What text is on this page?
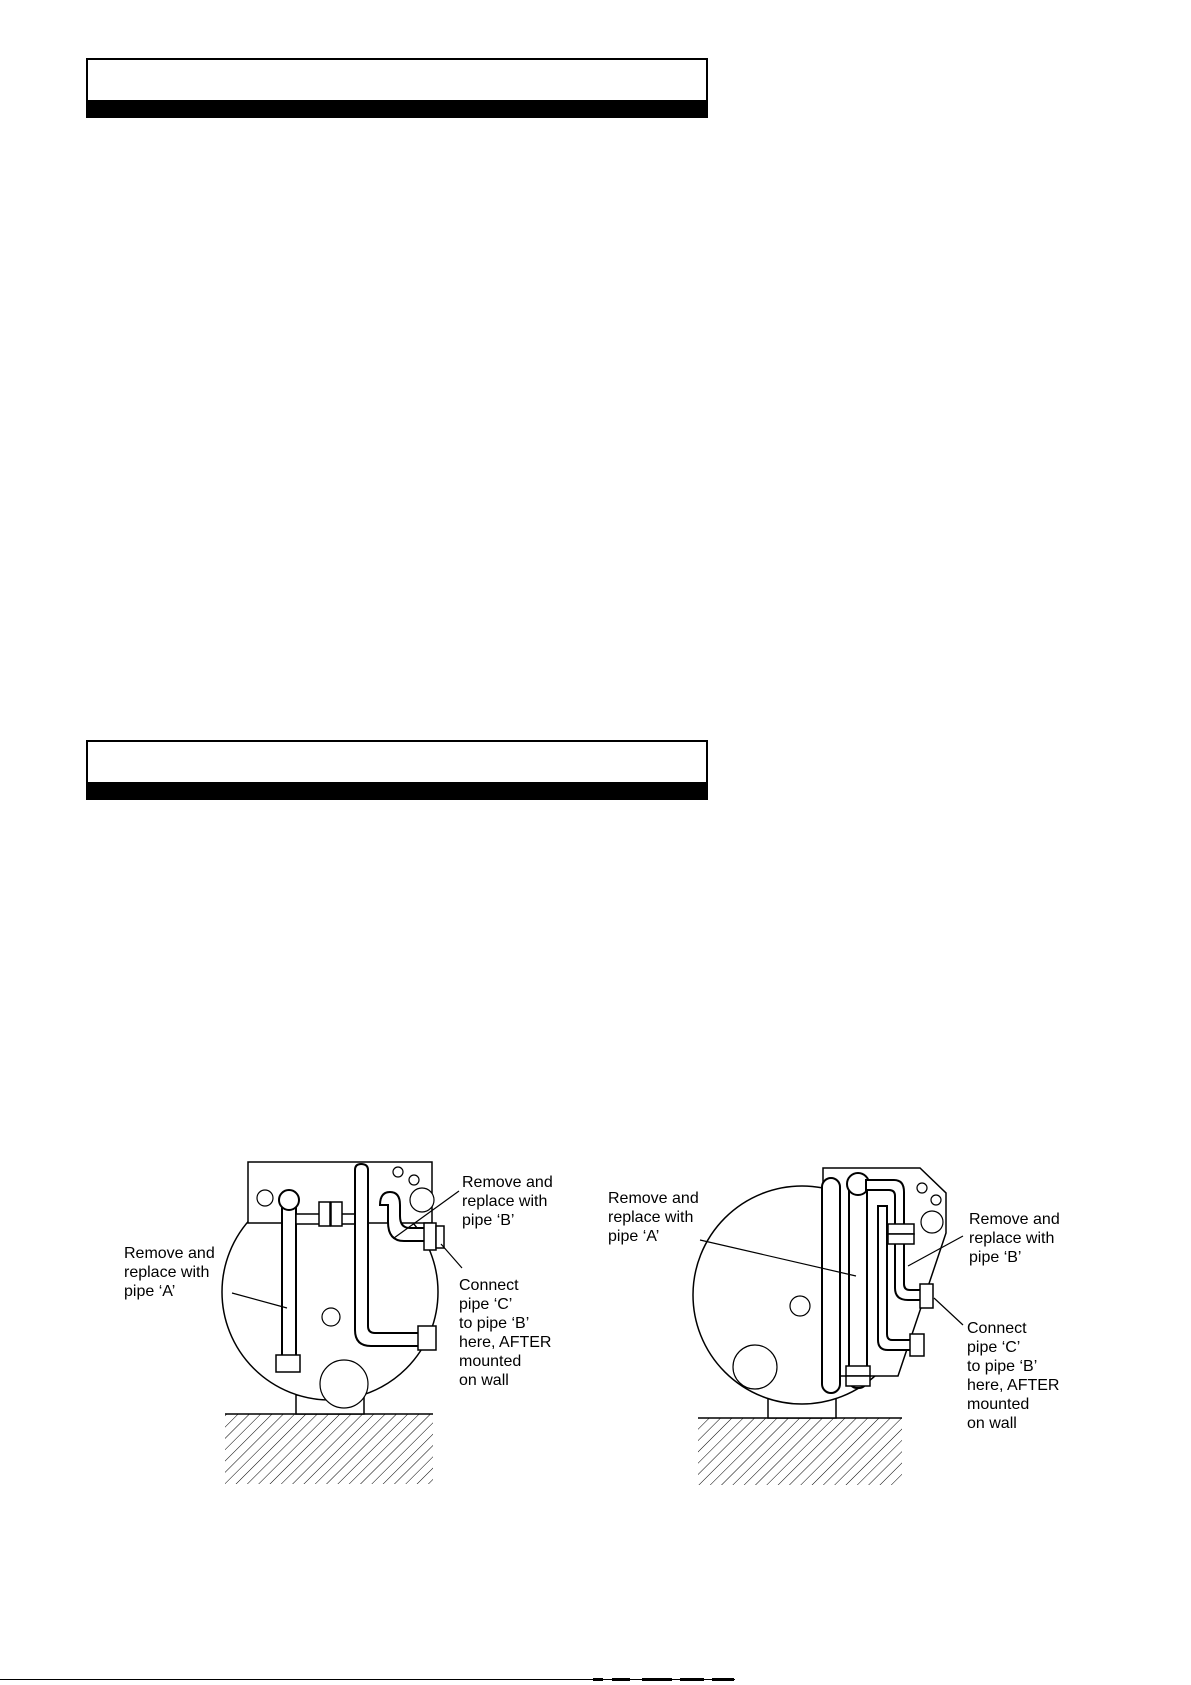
Remove and replace with pipe ‘A’
Remove and replace with pipe ‘B’
Connect pipe ‘C’ to pipe ‘B’ here, AFTER mounted on wall
Remove and replace with pipe ‘A’
Remove and replace with pipe ‘B’
Connect pipe ‘C’ to pipe ‘B’ here, AFTER mounted on wall
